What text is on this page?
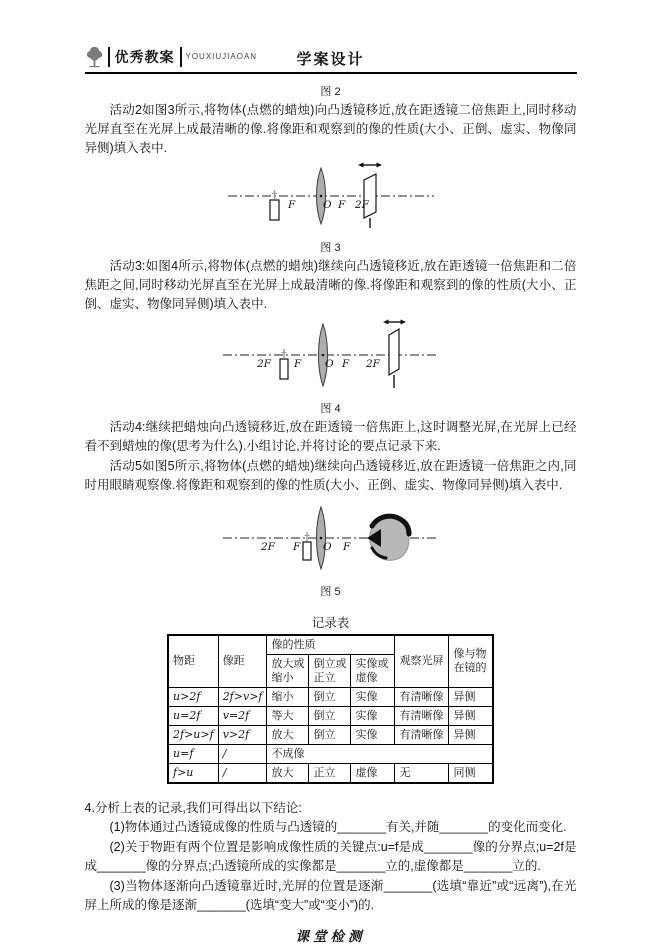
优秀教案	YOUXIUJIAOAN	学案设计
图 2

活动2如图3所示,将物体(点燃的蜡烛)向凸透镜移近,放在距透镜二倍焦距上,同时移动光屏直至在光屏上成最清晰的像.将像距和观察到的像的性质(大小、正倒、虚实、物像同异侧)填入表中.

F	O F 2F
图 3

活动3:如图4所示,将物体(点燃的蜡烛)继续向凸透镜移近,放在距透镜一倍焦距和二倍焦距之间,同时移动光屏直至在光屏上成最清晰的像.将像距和观察到的像的性质(大小、正倒、虚实、物像同异侧)填入表中.

2F F O F 2F
图 4

活动4:继续把蜡烛向凸透镜移近,放在距透镜一倍焦距上,这时调整光屏,在光屏上已经看不到蜡烛的像(思考为什么).小组讨论,并将讨论的要点记录下来.

活动5如图5所示,将物体(点燃的蜡烛)继续向凸透镜移近,放在距透镜一倍焦距之内,同时用眼睛观察像.将像距和观察到的像的性质(大小、正倒、虚实、物像同异侧)填入表中.

2F F O F
图 5
记录表
物距	像距	像的性质			观察光屏	像与物在镜的
		放大或缩小	倒立或正立	实像或虚像		
u>2f	2f>v>f	缩小	倒立	实像	有清晰像	异侧
u=2f	v=2f	等大	倒立	实像	有清晰像	异侧
2f>u>f	v>2f	放大	倒立	实像	有清晰像	异侧
u=f	/	不成像				
f>u	/	放大	正立	虚像	无	同侧

4.分析上表的记录,我们可得出以下结论:

(1)物体通过凸透镜成像的性质与凸透镜的_______有关,并随_______的变化而变化.

(2)关于物距有两个位置是影响成像性质的关键点:u=f是成_______像的分界点;u=2f是成_______像的分界点;凸透镜所成的实像都是_______立的,虚像都是_______立的.

(3)当物体逐渐向凸透镜靠近时,光屏的位置是逐渐_______(选填“靠近”或“远离”),在光屏上所成的像是逐渐_______(选填“变大”或“变小”)的.

课堂检测
